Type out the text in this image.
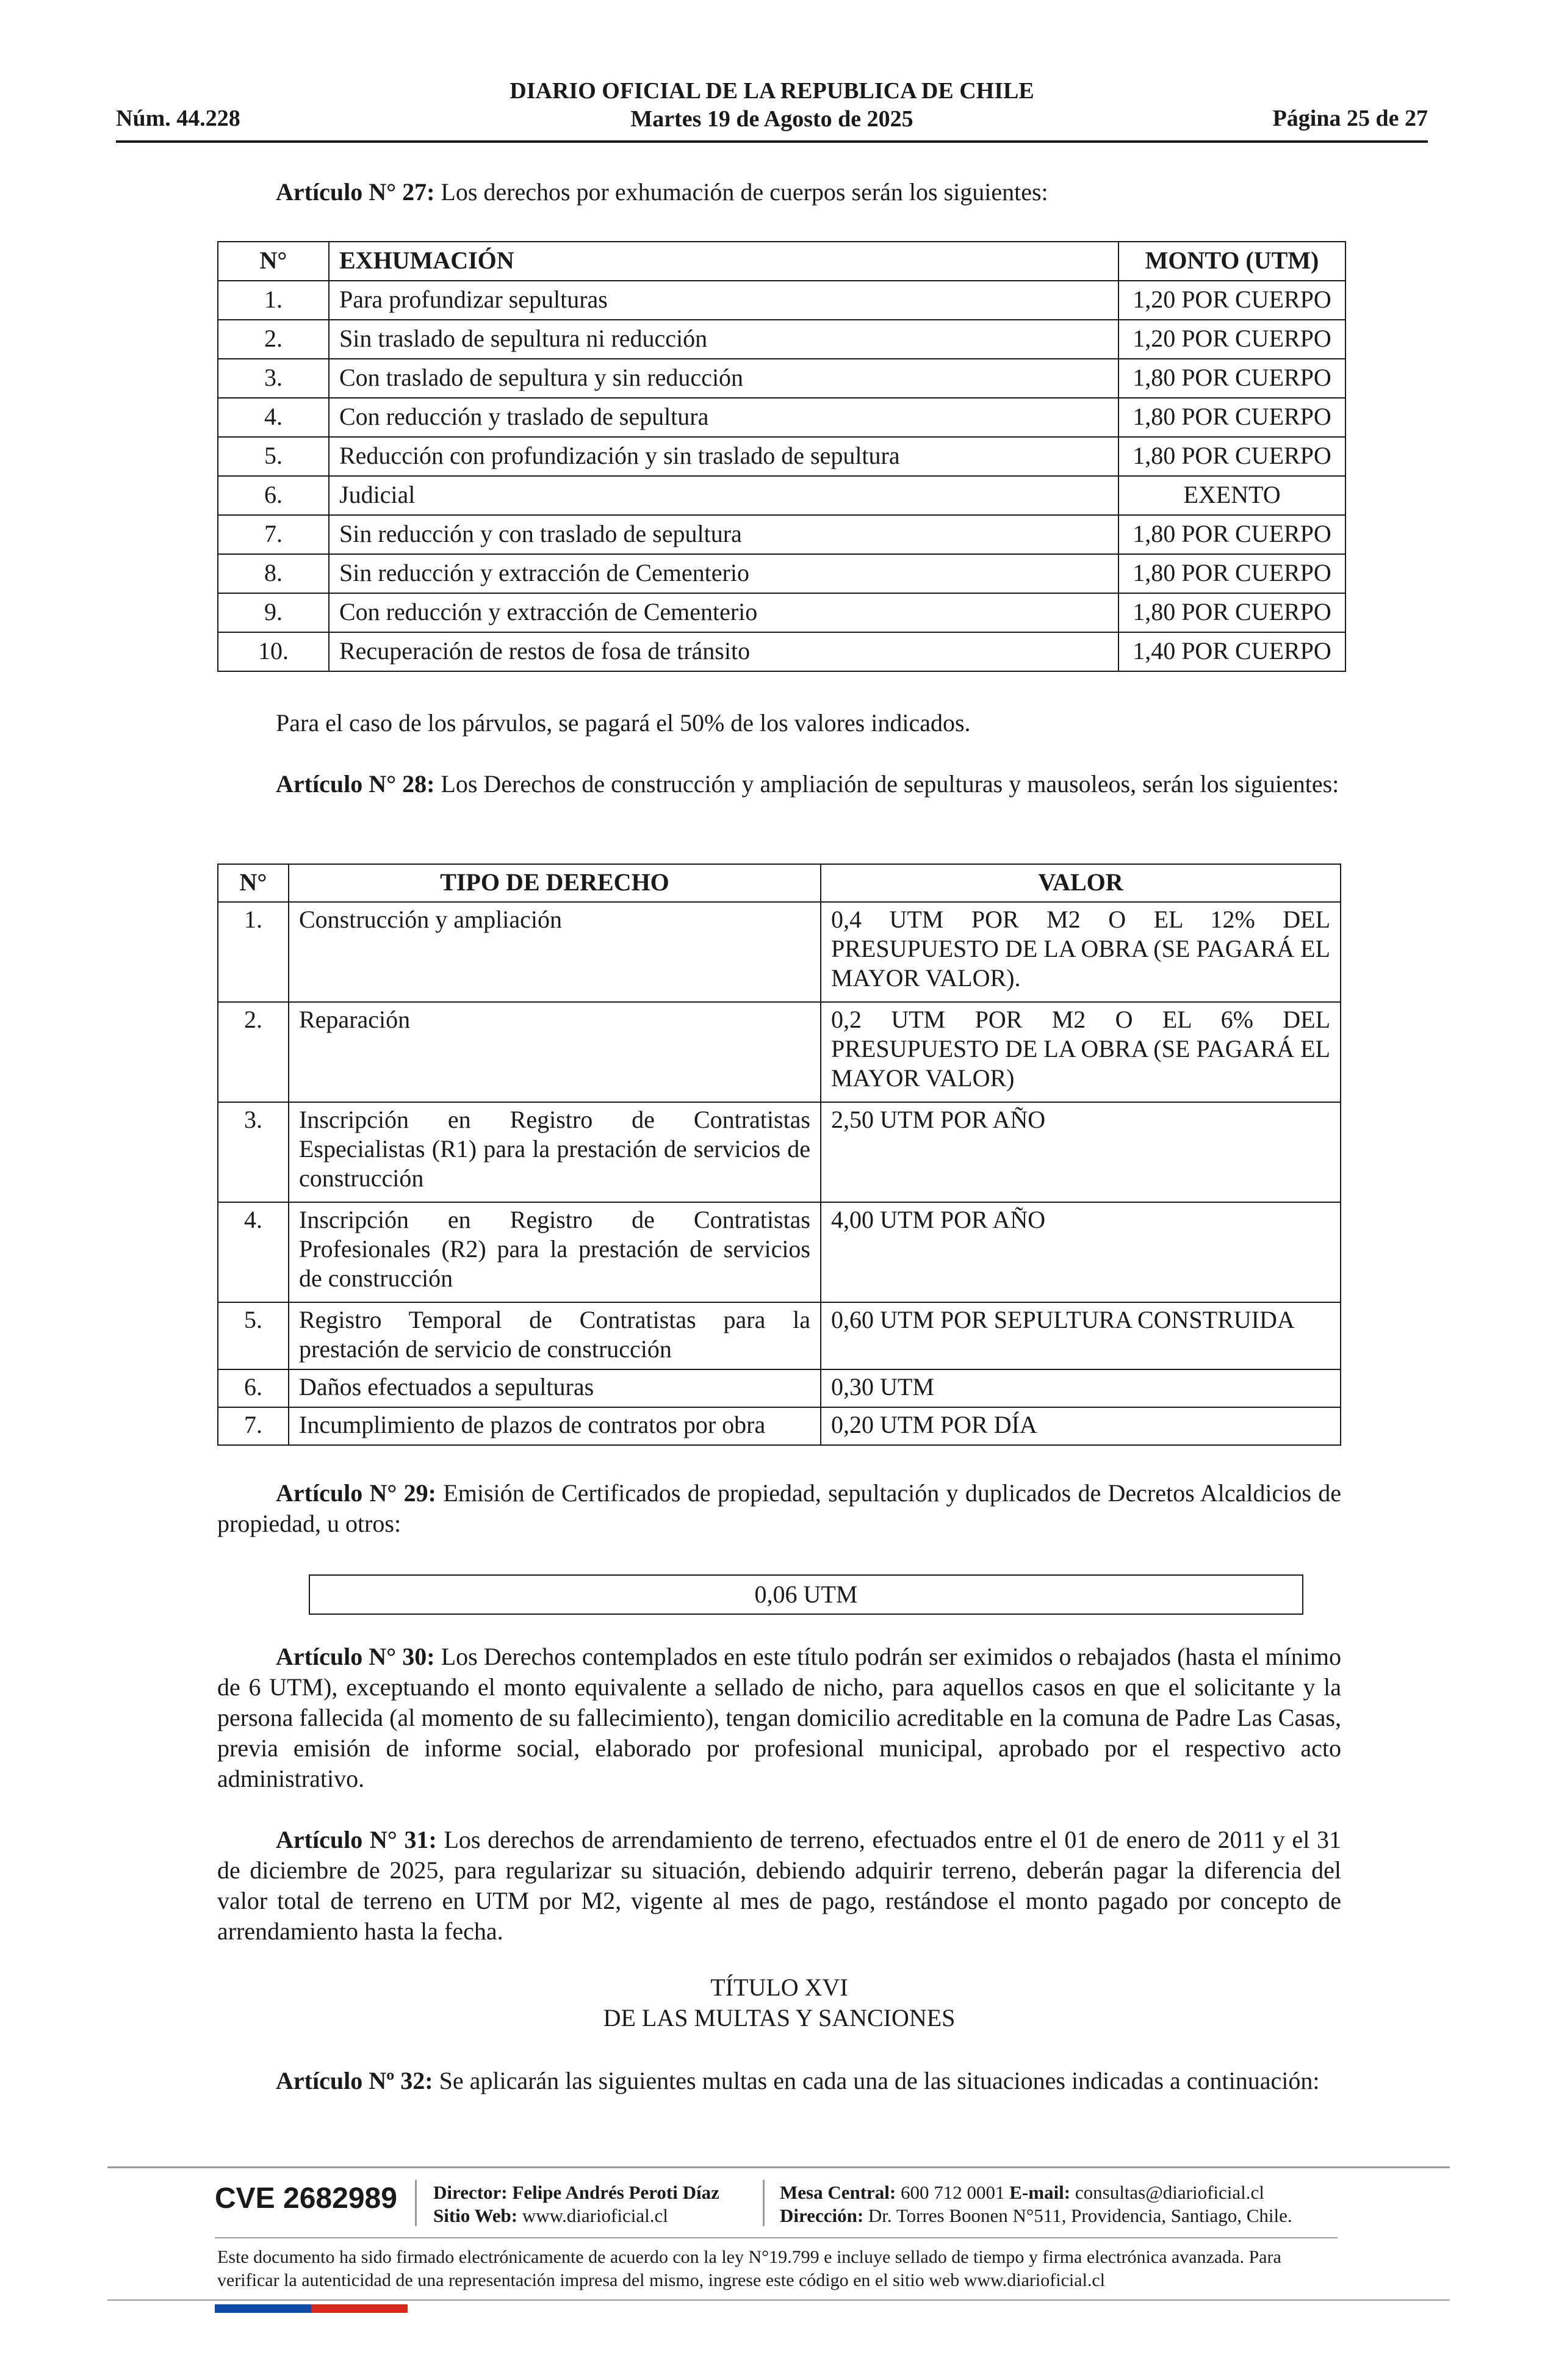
Núm. 44.228
DIARIO OFICIAL DE LA REPUBLICA DE CHILE
Martes 19 de Agosto de 2025	Página 25 de 27
Artículo N° 27: Los derechos por exhumación de cuerpos serán los siguientes:
N°	EXHUMACIÓN	MONTO (UTM)
1.	Para profundizar sepulturas	1,20 POR CUERPO
2.	Sin traslado de sepultura ni reducción	1,20 POR CUERPO
3.	Con traslado de sepultura y sin reducción	1,80 POR CUERPO
4.	Con reducción y traslado de sepultura	1,80 POR CUERPO
5.	Reducción con profundización y sin traslado de sepultura	1,80 POR CUERPO
6.	Judicial	EXENTO
7.	Sin reducción y con traslado de sepultura	1,80 POR CUERPO
8.	Sin reducción y extracción de Cementerio	1,80 POR CUERPO
9.	Con reducción y extracción de Cementerio	1,80 POR CUERPO
10.	Recuperación de restos de fosa de tránsito	1,40 POR CUERPO
Para el caso de los párvulos, se pagará el 50% de los valores indicados.
Artículo N° 28: Los Derechos de construcción y ampliación de sepulturas y mausoleos, serán los siguientes:
N°	TIPO DE DERECHO	VALOR
1.	Construcción y ampliación	0,4 UTM POR M2 O EL 12% DEL PRESUPUESTO DE LA OBRA (SE PAGARÁ EL MAYOR VALOR).
2.	Reparación	0,2 UTM POR M2 O EL 6% DEL PRESUPUESTO DE LA OBRA (SE PAGARÁ EL MAYOR VALOR)
3.	Inscripción en Registro de Contratistas Especialistas (R1) para la prestación de servicios de construcción	2,50 UTM POR AÑO
4.	Inscripción en Registro de Contratistas Profesionales (R2) para la prestación de servicios de construcción	4,00 UTM POR AÑO
5.	Registro Temporal de Contratistas para la prestación de servicio de construcción	0,60 UTM POR SEPULTURA CONSTRUIDA
6.	Daños efectuados a sepulturas	0,30 UTM
7.	Incumplimiento de plazos de contratos por obra	0,20 UTM POR DÍA
Artículo N° 29: Emisión de Certificados de propiedad, sepultación y duplicados de Decretos Alcaldicios de propiedad, u otros:
0,06 UTM
Artículo N° 30: Los Derechos contemplados en este título podrán ser eximidos o rebajados (hasta el mínimo de 6 UTM), exceptuando el monto equivalente a sellado de nicho, para aquellos casos en que el solicitante y la persona fallecida (al momento de su fallecimiento), tengan domicilio acreditable en la comuna de Padre Las Casas, previa emisión de informe social, elaborado por profesional municipal, aprobado por el respectivo acto administrativo.
Artículo N° 31: Los derechos de arrendamiento de terreno, efectuados entre el 01 de enero de 2011 y el 31 de diciembre de 2025, para regularizar su situación, debiendo adquirir terreno, deberán pagar la diferencia del valor total de terreno en UTM por M2, vigente al mes de pago, restándose el monto pagado por concepto de arrendamiento hasta la fecha.
TÍTULO XVI
DE LAS MULTAS Y SANCIONES
Artículo Nº 32: Se aplicarán las siguientes multas en cada una de las situaciones indicadas a continuación:
CVE 2682989 Director: Felipe Andrés Peroti Díaz
Sitio Web: www.diarioficial.cl
Mesa Central: 600 712 0001 E-mail: consultas@diarioficial.cl
Dirección: Dr. Torres Boonen N°511, Providencia, Santiago, Chile.
Este documento ha sido firmado electrónicamente de acuerdo con la ley N°19.799 e incluye sellado de tiempo y firma electrónica avanzada. Para verificar la autenticidad de una representación impresa del mismo, ingrese este código en el sitio web www.diarioficial.cl
